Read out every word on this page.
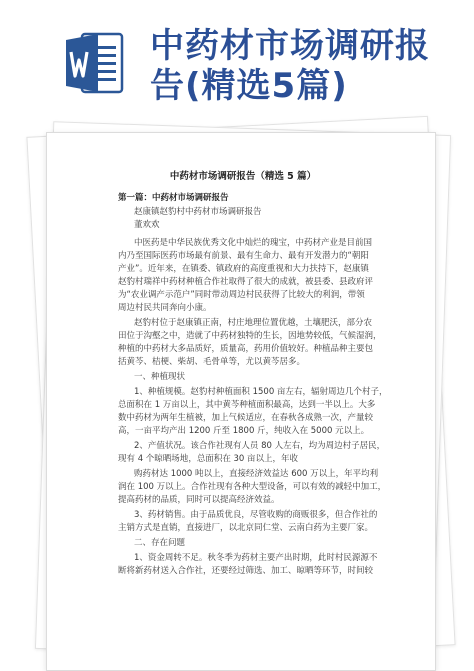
中药材市场调研报
告(精选5篇)
中药材市场调研报告（精选 5 篇）
第一篇：中药材市场调研报告
赵康镇赵豹村中药材市场调研报告
董欢欢
中医药是中华民族优秀文化中灿烂的瑰宝，中药材产业是目前国
内乃至国际医药市场最有前景、最有生命力、最有开发潜力的“朝阳
产业”。近年来，在镇委、镇政府的高度重视和大力扶持下，赵康镇
赵豹村瑞祥中药材种植合作社取得了很大的成就，被县委、县政府评
为“农业调产示范户”同时带动周边村民获得了比较大的利润，带领
周边村民共同奔向小康。
赵豹村位于赵康镇正南，村庄地理位置优越，土壤肥沃，部分农
田位于沟壑之中，造就了中药材独特的生长，因地势较低，气候湿润，
种植的中药材大多品质好，质量高，药用价值较好。种植品种主要包
括黄芩、桔梗、柴胡、毛骨单等，尤以黄芩居多。
一、种植现状
1、种植规模。赵豹村种植面积 1500 亩左右，辐射周边几个村子，
总面积在 1 万亩以上，其中黄芩种植面积最高，达到一半以上。大多
数中药材为两年生植被，加上气候适应，在春秋各成熟一次，产量较
高，一亩平均产出 1200 斤至 1800 斤，纯收入在 5000 元以上。
2、产值状况。该合作社现有人员 80 人左右，均为周边村子居民，
现有 4 个晾晒场地，总面积在 30 亩以上，年收
购药材达 1000 吨以上，直接经济效益达 600 万以上，年平均利
润在 100 万以上。合作社现有各种大型设备，可以有效的减轻中加工，
提高药材的品质，同时可以提高经济效益。
3、药材销售。由于品质优良，尽管收购的商贩很多，但合作社的
主销方式是直销，直接进厂，以北京同仁堂、云南白药为主要厂家。
二、存在问题
1、资金周转不足。秋冬季为药材主要产出时期，此时村民源源不
断将新药材送入合作社，还要经过筛选、加工、晾晒等环节，时间较
